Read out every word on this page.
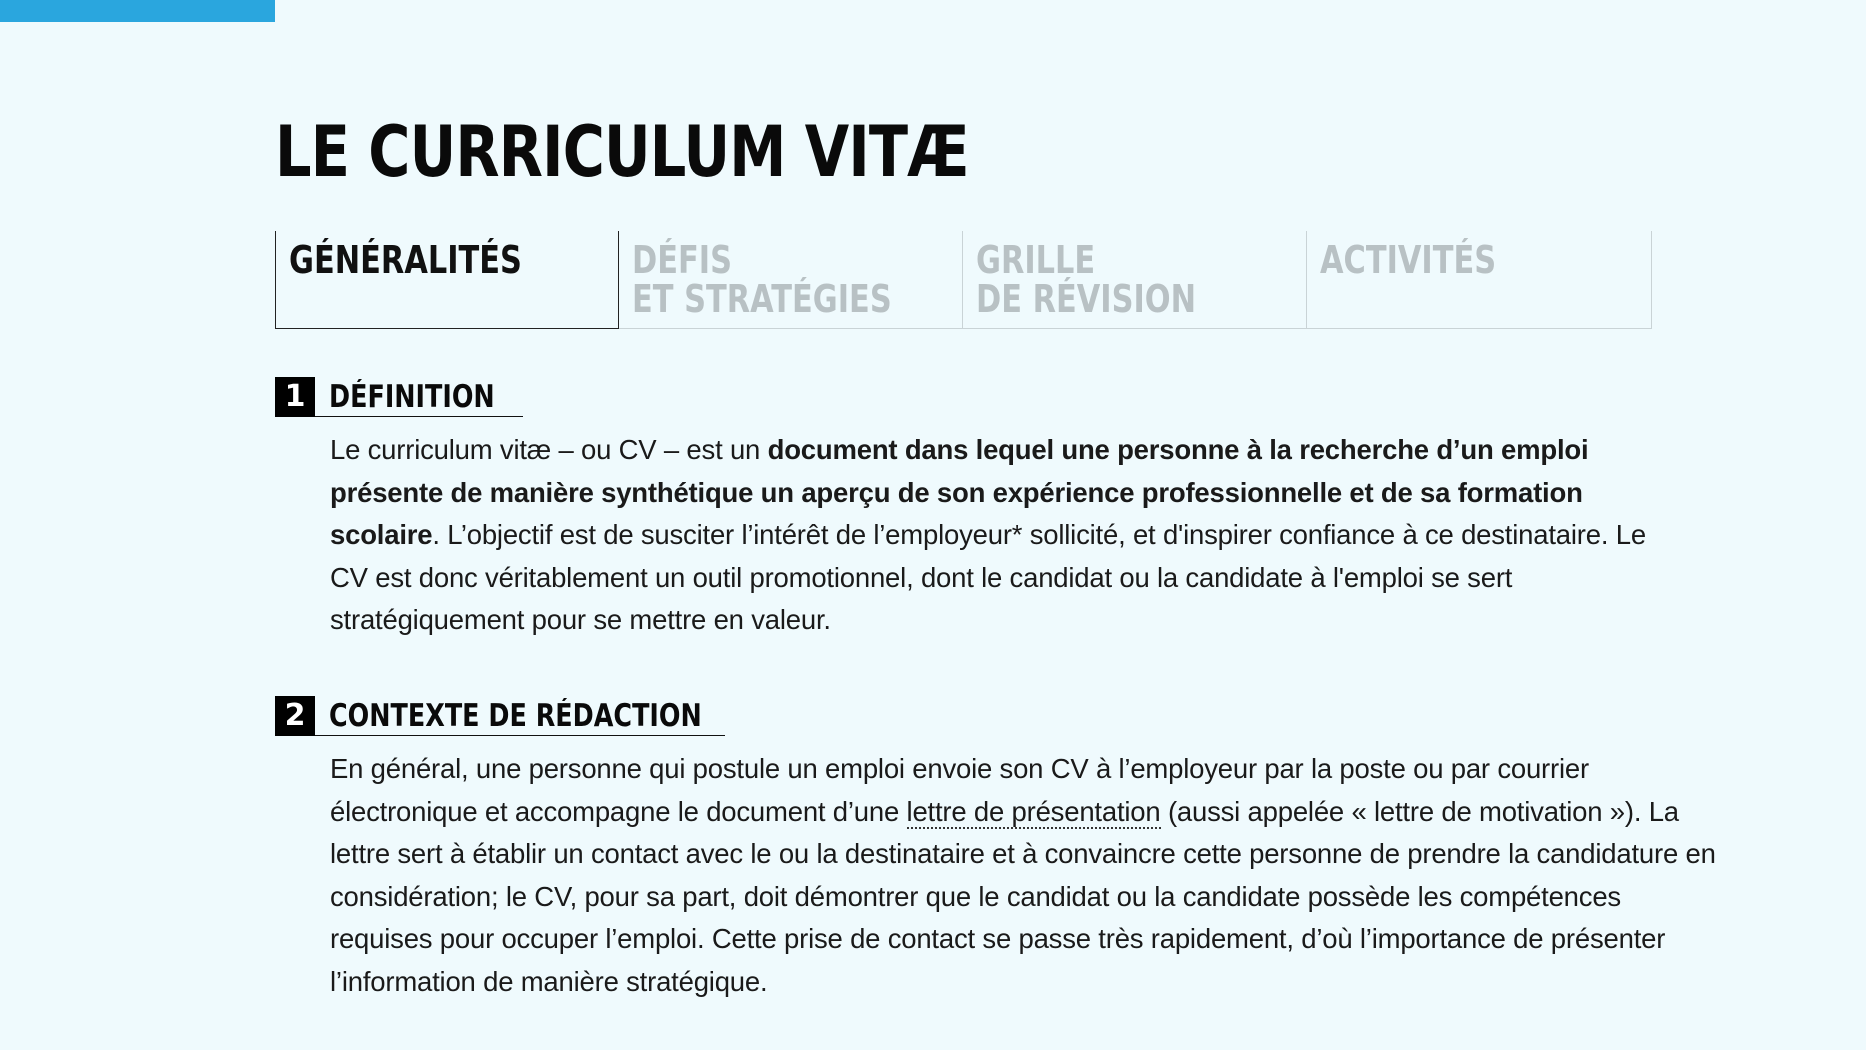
LE CURRICULUM VITÆ
GÉNÉRALITÉS	DÉFIS
ET STRATÉGIES
GRILLE
DE RÉVISION
ACTIVITÉS
1 DÉFINITION

Le curriculum vitæ – ou CV – est un document dans lequel une personne à la recherche d’un emploi présente de manière synthétique un aperçu de son expérience professionnelle et de sa formation scolaire. L’objectif est de susciter l’intérêt de l’employeur* sollicité, et d'inspirer confiance à ce destinataire. Le CV est donc véritablement un outil promotionnel, dont le candidat ou la candidate à l'emploi se sert stratégiquement pour se mettre en valeur.

2 CONTEXTE DE RÉDACTION

En général, une personne qui postule un emploi envoie son CV à l’employeur par la poste ou par courrier électronique et accompagne le document d’une lettre de présentation (aussi appelée « lettre de motivation »). La lettre sert à établir un contact avec le ou la destinataire et à convaincre cette personne de prendre la candidature en considération; le CV, pour sa part, doit démontrer que le candidat ou la candidate possède les compétences requises pour occuper l’emploi. Cette prise de contact se passe très rapidement, d’où l’importance de présenter l’information de manière stratégique.
